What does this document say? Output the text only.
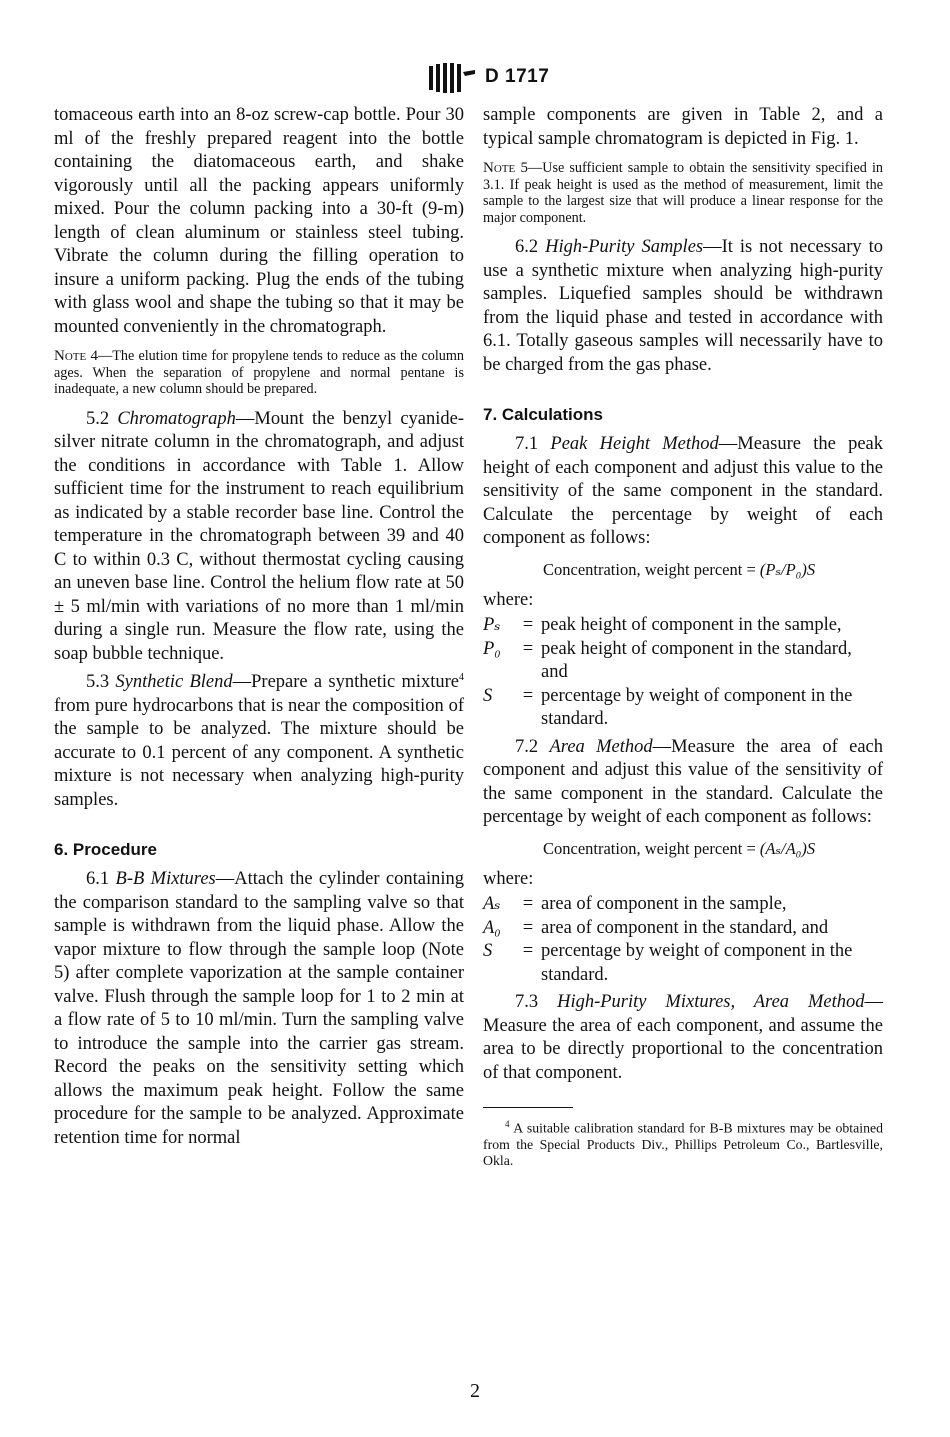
D 1717

tomaceous earth into an 8-oz screw-cap bottle. Pour 30 ml of the freshly prepared reagent into the bottle containing the diatomaceous earth, and shake vigorously until all the packing appears uniformly mixed. Pour the column packing into a 30-ft (9-m) length of clean aluminum or stainless steel tubing. Vibrate the column during the filling operation to insure a uniform packing. Plug the ends of the tubing with glass wool and shape the tubing so that it may be mounted conveniently in the chromatograph.

Note 4—The elution time for propylene tends to reduce as the column ages. When the separation of propylene and normal pentane is inadequate, a new column should be prepared.

5.2 Chromatograph—Mount the benzyl cyanide-silver nitrate column in the chromatograph, and adjust the conditions in accordance with Table 1. Allow sufficient time for the instrument to reach equilibrium as indicated by a stable recorder base line. Control the temperature in the chromatograph between 39 and 40 C to within 0.3 C, without thermostat cycling causing an uneven base line. Control the helium flow rate at 50 ± 5 ml/min with variations of no more than 1 ml/min during a single run. Measure the flow rate, using the soap bubble technique.

5.3 Synthetic Blend—Prepare a synthetic mixture$^4$ from pure hydrocarbons that is near the composition of the sample to be analyzed. The mixture should be accurate to 0.1 percent of any component. A synthetic mixture is not necessary when analyzing high-purity samples.

6. Procedure

6.1 B-B Mixtures—Attach the cylinder containing the comparison standard to the sampling valve so that sample is withdrawn from the liquid phase. Allow the vapor mixture to flow through the sample loop (Note 5) after complete vaporization at the sample container valve. Flush through the sample loop for 1 to 2 min at a flow rate of 5 to 10 ml/min. Turn the sampling valve to introduce the sample into the carrier gas stream. Record the peaks on the sensitivity setting which allows the maximum peak height. Follow the same procedure for the sample to be analyzed. Approximate retention time for normal

sample components are given in Table 2, and a typical sample chromatogram is depicted in Fig. 1.

Note 5—Use sufficient sample to obtain the sensitivity specified in 3.1. If peak height is used as the method of measurement, limit the sample to the largest size that will produce a linear response for the major component.

6.2 High-Purity Samples—It is not necessary to use a synthetic mixture when analyzing high-purity samples. Liquefied samples should be withdrawn from the liquid phase and tested in accordance with 6.1. Totally gaseous samples will necessarily have to be charged from the gas phase.

7. Calculations

7.1 Peak Height Method—Measure the peak height of each component and adjust this value to the sensitivity of the same component in the standard. Calculate the percentage by weight of each component as follows:

Concentration, weight percent = (Pₛ/P₀)S
where:
Pₛ	=	peak height of component in the sample,
P₀	=	peak height of component in the standard, and
S	=	percentage by weight of component in the standard.

7.2 Area Method—Measure the area of each component and adjust this value of the sensitivity of the same component in the standard. Calculate the percentage by weight of each component as follows:

Concentration, weight percent = (Aₛ/A₀)S
where:
Aₛ	=	area of component in the sample,
A₀	=	area of component in the standard, and
S	=	percentage by weight of component in the standard.

7.3 High-Purity Mixtures, Area Method—Measure the area of each component, and assume the area to be directly proportional to the concentration of that component.

$^4$ A suitable calibration standard for B-B mixtures may be obtained from the Special Products Div., Phillips Petroleum Co., Bartlesville, Okla.

2
